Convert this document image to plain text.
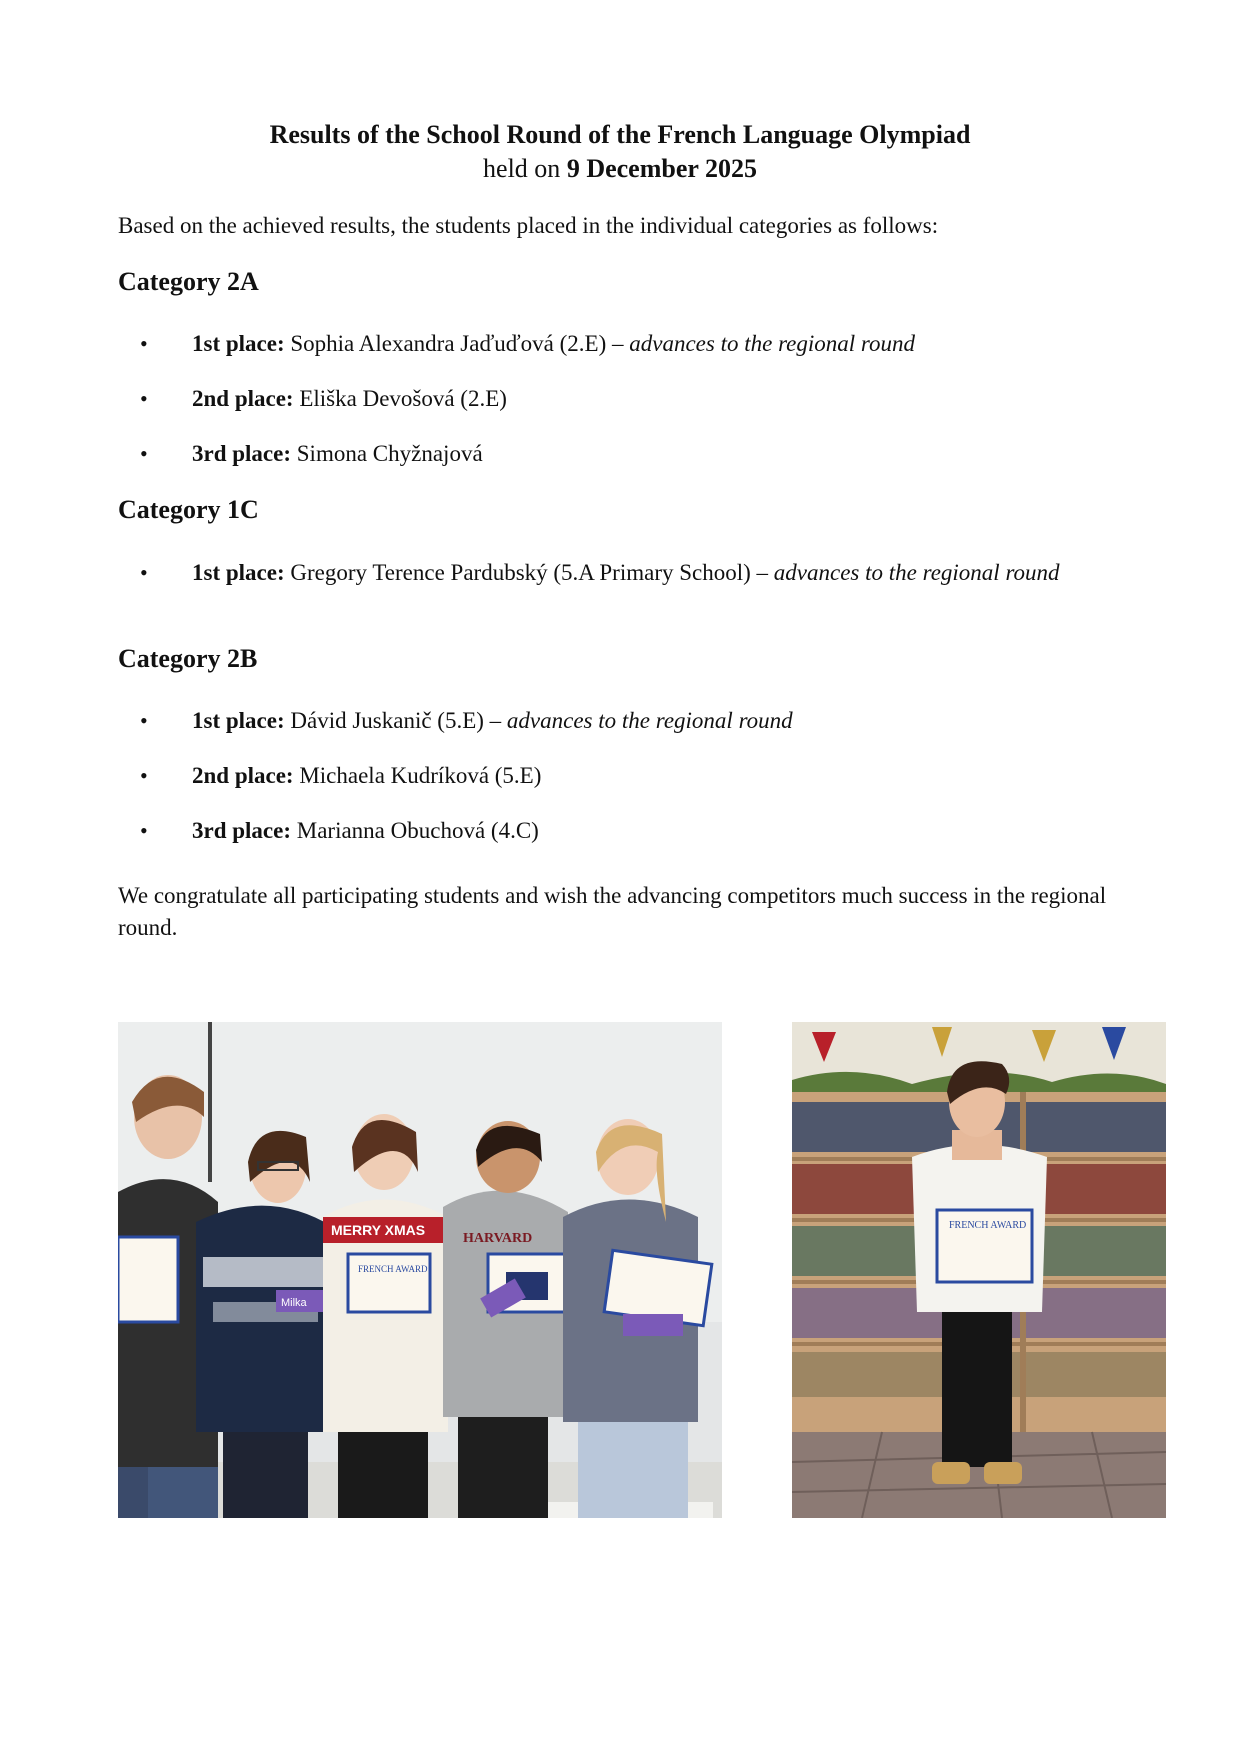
Results of the School Round of the French Language Olympiad
held on 9 December 2025
Based on the achieved results, the students placed in the individual categories as follows:
Category 2A
• 1st place: Sophia Alexandra Jaďuďová (2.E) – advances to the regional round
• 2nd place: Eliška Devošová (2.E)
• 3rd place: Simona Chyžnajová
Category 1C
• 1st place: Gregory Terence Pardubský (5.A Primary School) – advances to the regional round
Category 2B
• 1st place: Dávid Juskanič (5.E) – advances to the regional round
• 2nd place: Michaela Kudríková (5.E)
• 3rd place: Marianna Obuchová (4.C)
We congratulate all participating students and wish the advancing competitors much success in the regional round.
Milka
MERRY XMAS
FRENCH AWARD
HARVARD
FRENCH AWARD
